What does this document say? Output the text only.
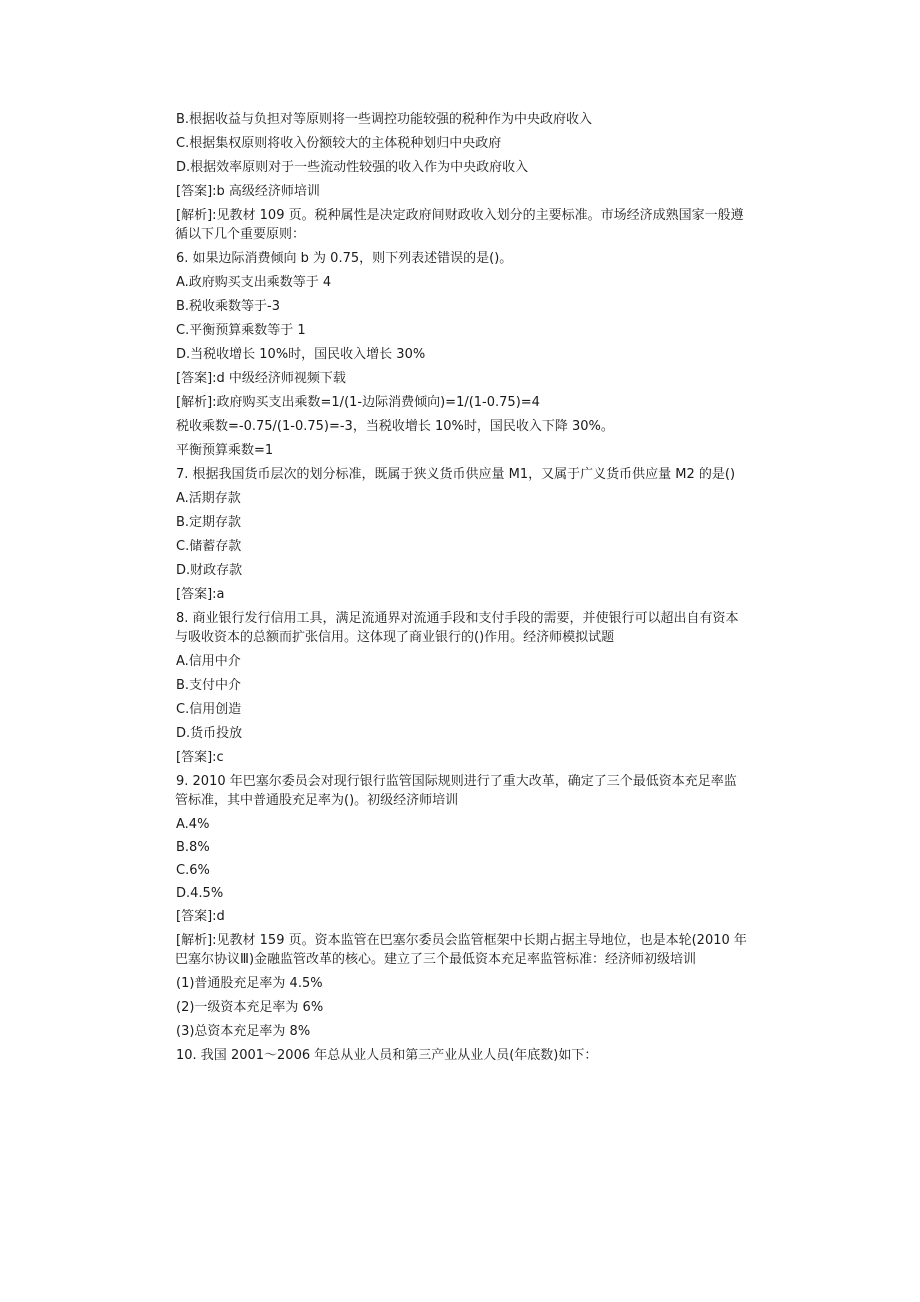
B.根据收益与负担对等原则将一些调控功能较强的税种作为中央政府收入

C.根据集权原则将收入份额较大的主体税种划归中央政府

D.根据效率原则对于一些流动性较强的收入作为中央政府收入

[答案]:b 高级经济师培训

[解析]:见教材 109 页。税种属性是决定政府间财政收入划分的主要标准。市场经济成熟国家一般遵
循以下几个重要原则：

6. 如果边际消费倾向 b 为 0.75，则下列表述错误的是()。

A.政府购买支出乘数等于 4

B.税收乘数等于-3

C.平衡预算乘数等于 1

D.当税收增长 10%时，国民收入增长 30%

[答案]:d 中级经济师视频下载

[解析]:政府购买支出乘数=1/(1-边际消费倾向)=1/(1-0.75)=4

税收乘数=-0.75/(1-0.75)=-3，当税收增长 10%时，国民收入下降 30%。

平衡预算乘数=1

7. 根据我国货币层次的划分标准，既属于狭义货币供应量 M1，又属于广义货币供应量 M2 的是()

A.活期存款

B.定期存款

C.储蓄存款

D.财政存款

[答案]:a

8. 商业银行发行信用工具，满足流通界对流通手段和支付手段的需要，并使银行可以超出自有资本
与吸收资本的总额而扩张信用。这体现了商业银行的()作用。经济师模拟试题

A.信用中介

B.支付中介

C.信用创造

D.货币投放

[答案]:c

9. 2010 年巴塞尔委员会对现行银行监管国际规则进行了重大改革，确定了三个最低资本充足率监
管标准，其中普通股充足率为()。初级经济师培训

A.4%

B.8%

C.6%

D.4.5%

[答案]:d

[解析]:见教材 159 页。资本监管在巴塞尔委员会监管框架中长期占据主导地位，也是本轮(2010 年
巴塞尔协议Ⅲ)金融监管改革的核心。建立了三个最低资本充足率监管标准：经济师初级培训

(1)普通股充足率为 4.5%

(2)一级资本充足率为 6%

(3)总资本充足率为 8%

10. 我国 2001～2006 年总从业人员和第三产业从业人员(年底数)如下：
